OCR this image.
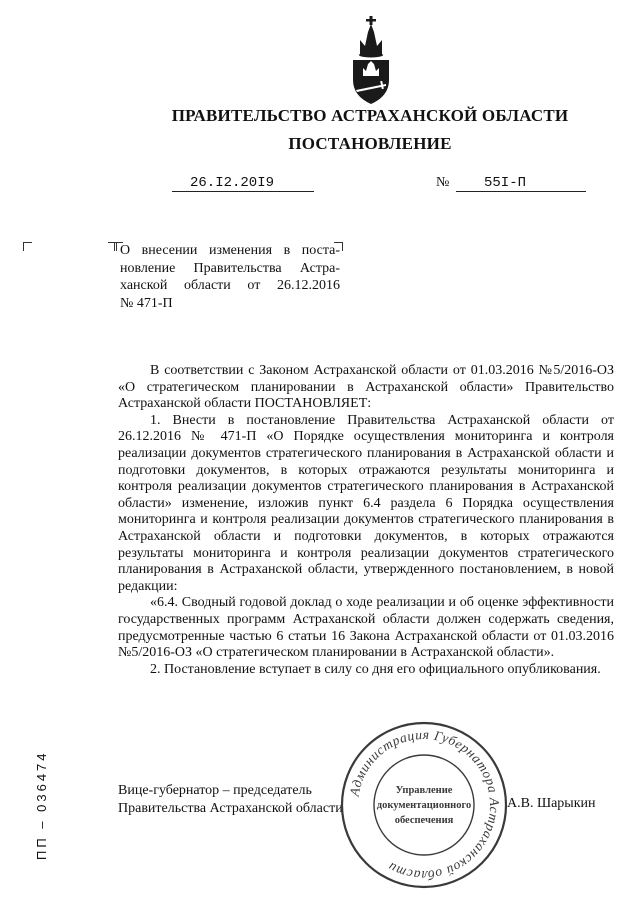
ПРАВИТЕЛЬСТВО АСТРАХАНСКОЙ ОБЛАСТИ
ПОСТАНОВЛЕНИЕ
26.I2.20I9	№	55I-П
О внесении изменения в поста-
новление Правительства Астра-
ханской области от 26.12.2016
№ 471-П

В соответствии с Законом Астраханской области от 01.03.2016 №5/2016-ОЗ «О стратегическом планировании в Астраханской области» Правительство Астраханской области ПОСТАНОВЛЯЕТ:

1. Внести в постановление Правительства Астраханской области от 26.12.2016 № 471-П «О Порядке осуществления мониторинга и контроля реализации документов стратегического планирования в Астраханской области и подготовки документов, в которых отражаются результаты мониторинга и контроля реализации документов стратегического планирования в Астраханской области» изменение, изложив пункт 6.4 раздела 6 Порядка осуществления мониторинга и контроля реализации документов стратегического планирования в Астраханской области и подготовки документов, в которых отражаются результаты мониторинга и контроля реализации документов стратегического планирования в Астраханской области, утвержденного постановлением, в новой редакции:

«6.4. Сводный годовой доклад о ходе реализации и об оценке эффективности государственных программ Астраханской области должен содержать сведения, предусмотренные частью 6 статьи 16 Закона Астраханской области от 01.03.2016 №5/2016-ОЗ «О стратегическом планировании в Астраханской области».

2. Постановление вступает в силу со дня его официального опубликования.

Вице-губернатор – председатель
Правительства Астраханской области	А.В. Шарыкин
Администрация Губернатора Астраханской области
Управление
документационного
обеспечения
ПП – 036474
